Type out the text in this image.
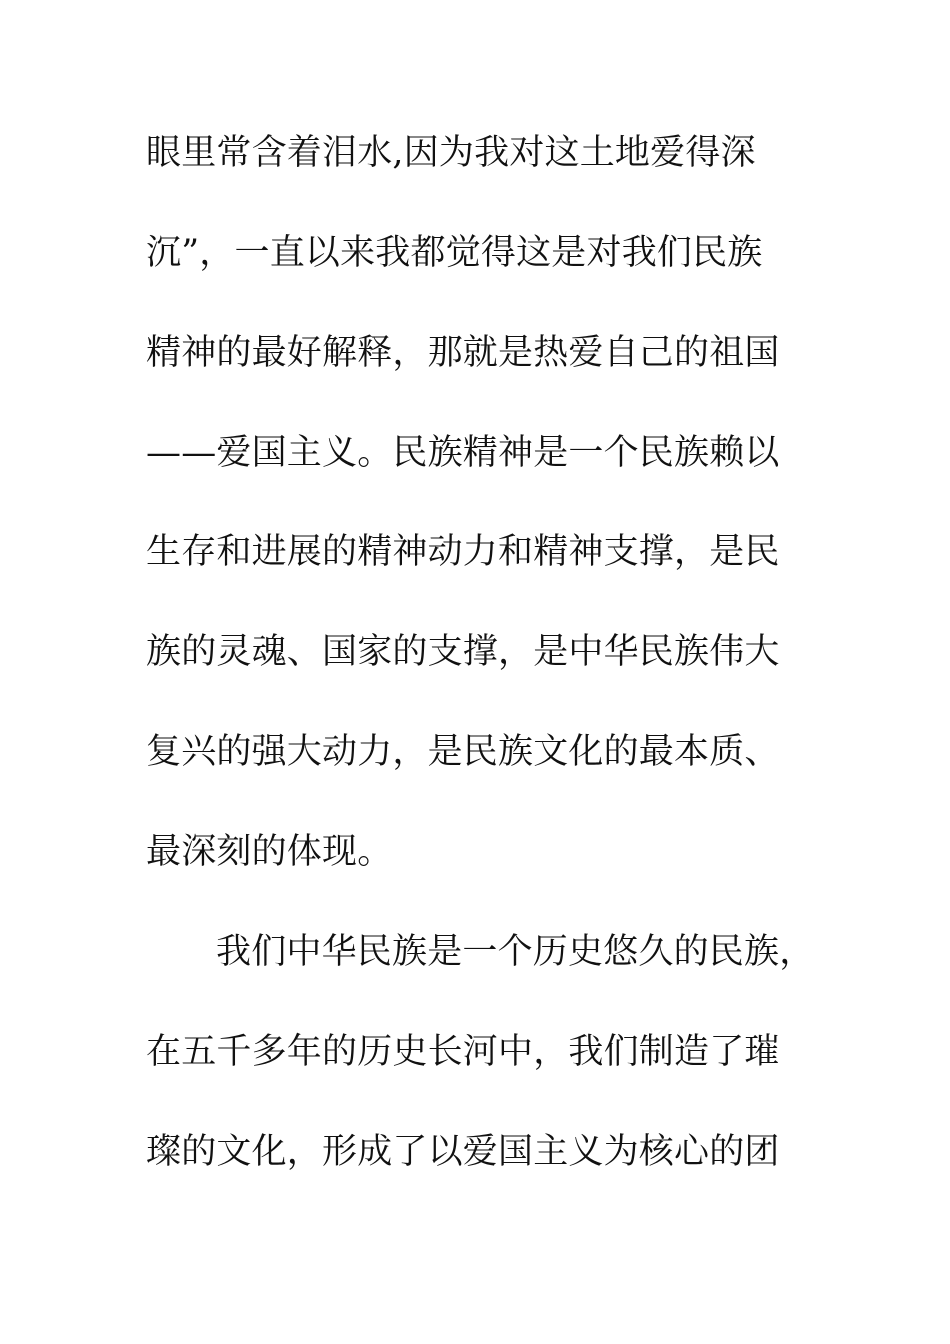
眼里常含着泪水,因为我对这土地爱得深
沉”，一直以来我都觉得这是对我们民族
精神的最好解释，那就是热爱自己的祖国
——爱国主义。民族精神是一个民族赖以
生存和进展的精神动力和精神支撑，是民
族的灵魂、国家的支撑，是中华民族伟大
复兴的强大动力，是民族文化的最本质、
最深刻的体现。
我们中华民族是一个历史悠久的民族，
在五千多年的历史长河中，我们制造了璀
璨的文化，形成了以爱国主义为核心的团
